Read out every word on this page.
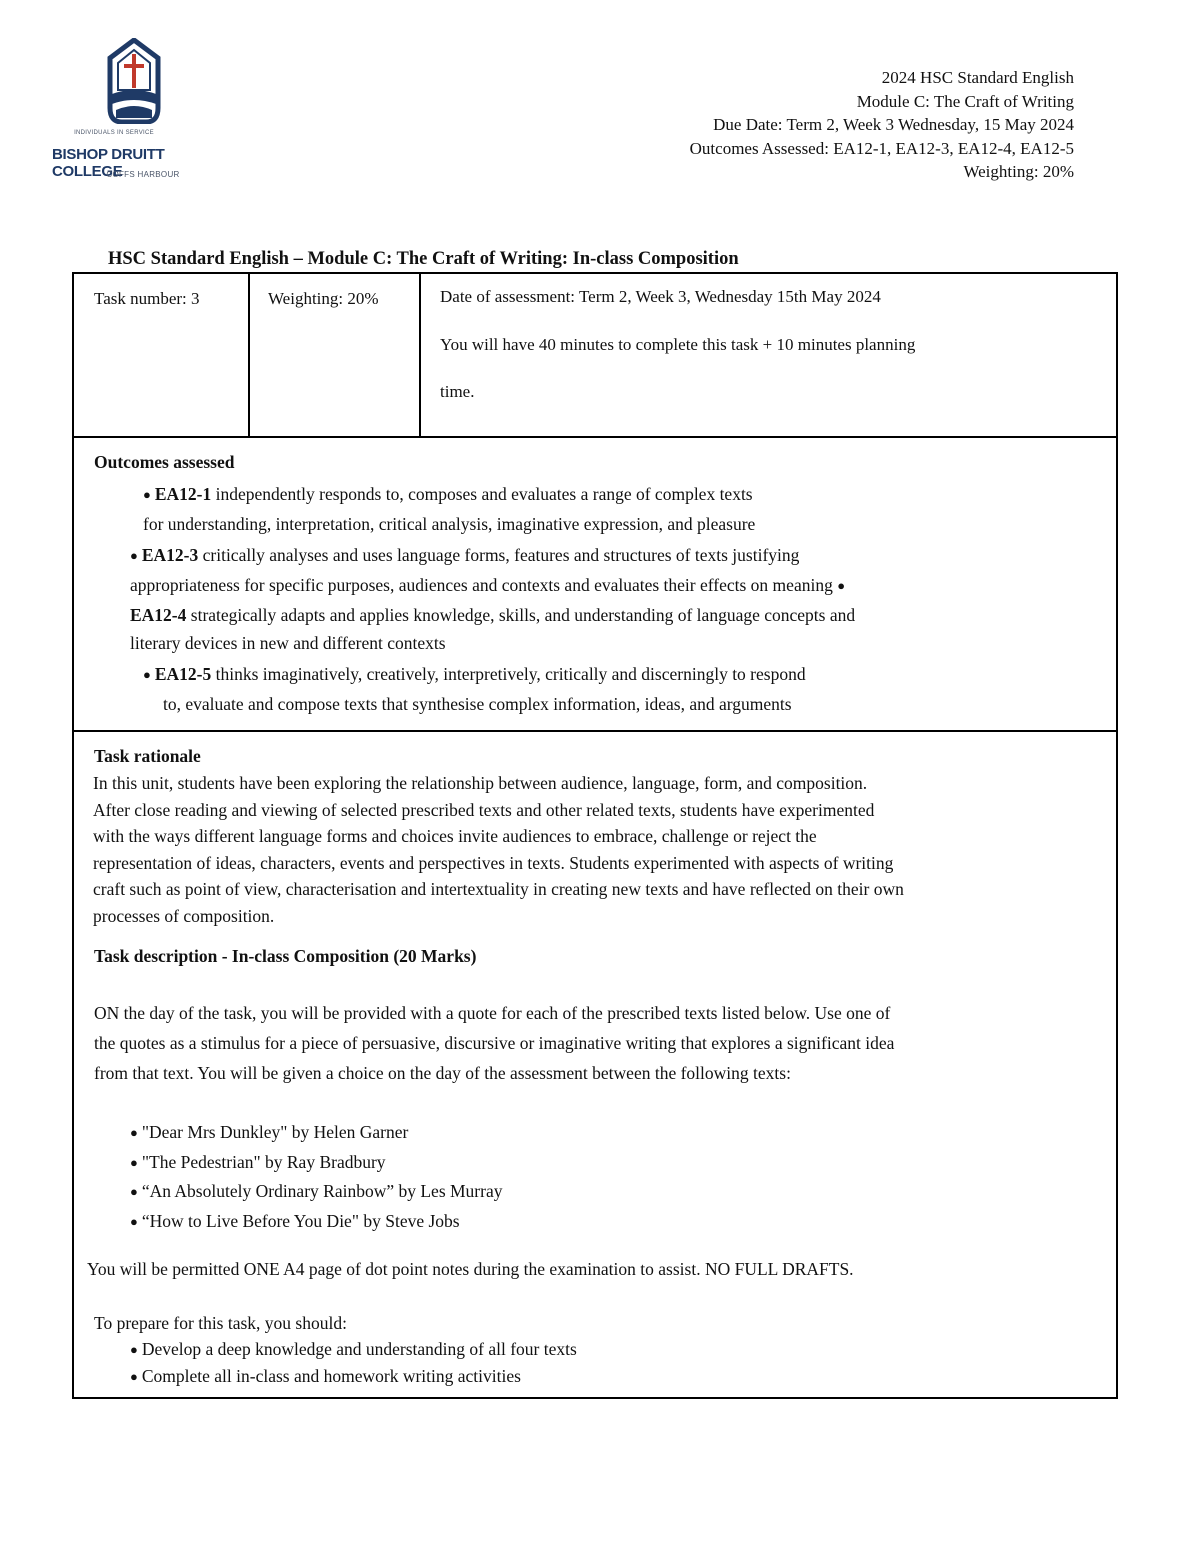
INDIVIDUALS IN SERVICE
BISHOP DRUITT COLLEGE
COFFS HARBOUR
2024 HSC Standard English
Module C: The Craft of Writing
Due Date: Term 2, Week 3 Wednesday, 15 May 2024
Outcomes Assessed: EA12-1, EA12-3, EA12-4, EA12-5
Weighting: 20%
HSC Standard English – Module C: The Craft of Writing: In-class Composition
Task number: 3	Weighting: 20%	Date of assessment: Term 2, Week 3, Wednesday 15th May 2024
You will have 40 minutes to complete this task + 10 minutes planning
time.
Outcomes assessed
● EA12-1 independently responds to, composes and evaluates a range of complex texts
for understanding, interpretation, critical analysis, imaginative expression, and pleasure
● EA12-3 critically analyses and uses language forms, features and structures of texts justifying
appropriateness for specific purposes, audiences and contexts and evaluates their effects on meaning ●
EA12-4 strategically adapts and applies knowledge, skills, and understanding of language concepts and
literary devices in new and different contexts
● EA12-5 thinks imaginatively, creatively, interpretively, critically and discerningly to respond
to, evaluate and compose texts that synthesise complex information, ideas, and arguments
Task rationale
In this unit, students have been exploring the relationship between audience, language, form, and composition.
After close reading and viewing of selected prescribed texts and other related texts, students have experimented
with the ways different language forms and choices invite audiences to embrace, challenge or reject the
representation of ideas, characters, events and perspectives in texts. Students experimented with aspects of writing
craft such as point of view, characterisation and intertextuality in creating new texts and have reflected on their own
processes of composition.
Task description - In-class Composition (20 Marks)
ON the day of the task, you will be provided with a quote for each of the prescribed texts listed below. Use one of
the quotes as a stimulus for a piece of persuasive, discursive or imaginative writing that explores a significant idea
from that text. You will be given a choice on the day of the assessment between the following texts:
● "Dear Mrs Dunkley" by Helen Garner
● "The Pedestrian" by Ray Bradbury
● “An Absolutely Ordinary Rainbow” by Les Murray
● “How to Live Before You Die" by Steve Jobs
You will be permitted ONE A4 page of dot point notes during the examination to assist. NO FULL DRAFTS.
To prepare for this task, you should:
● Develop a deep knowledge and understanding of all four texts
● Complete all in-class and homework writing activities
